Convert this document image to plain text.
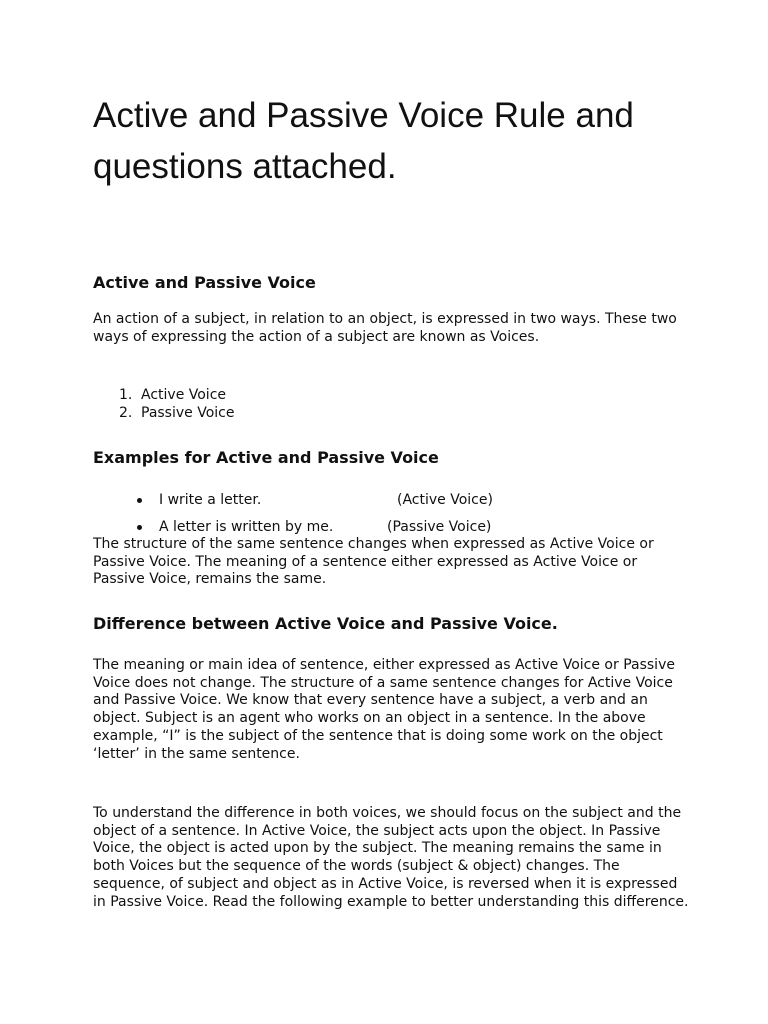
Active and Passive Voice Rule and questions attached.
Active and Passive Voice

An action of a subject, in relation to an object, is expressed in two ways. These two ways of expressing the action of a subject are known as Voices.

1. Active Voice
2. Passive Voice
Examples for Active and Passive Voice
I write a letter.	(Active Voice)
A letter is written by me.	(Passive Voice)

The structure of the same sentence changes when expressed as Active Voice or Passive Voice. The meaning of a sentence either expressed as Active Voice or Passive Voice, remains the same.

Difference between Active Voice and Passive Voice.

The meaning or main idea of sentence, either expressed as Active Voice or Passive Voice does not change. The structure of a same sentence changes for Active Voice and Passive Voice. We know that every sentence have a subject, a verb and an object. Subject is an agent who works on an object in a sentence. In the above example, “I” is the subject of the sentence that is doing some work on the object ‘letter’ in the same sentence.

To understand the difference in both voices, we should focus on the subject and the object of a sentence. In Active Voice, the subject acts upon the object. In Passive Voice, the object is acted upon by the subject. The meaning remains the same in both Voices but the sequence of the words (subject & object) changes. The sequence, of subject and object as in Active Voice, is reversed when it is expressed in Passive Voice. Read the following example to better understanding this difference.
